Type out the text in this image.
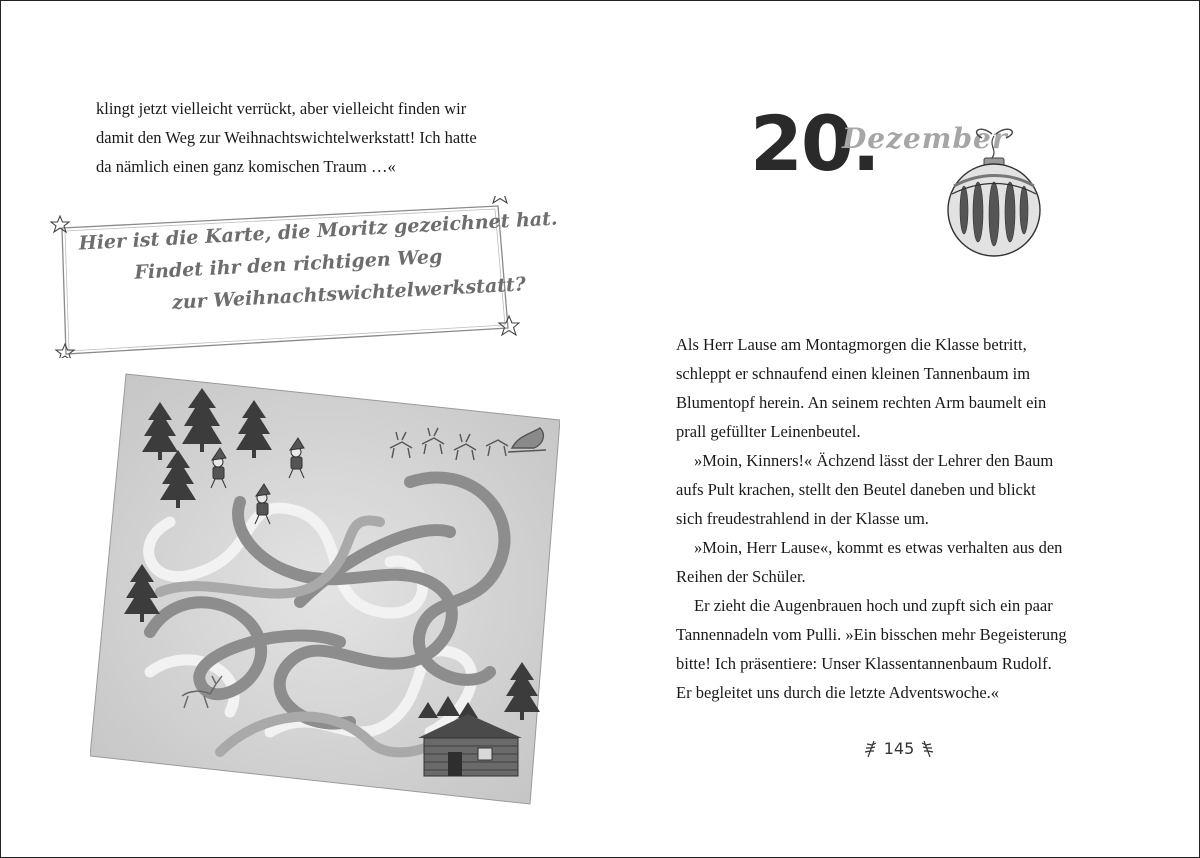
klingt jetzt vielleicht verrückt, aber vielleicht finden wir

damit den Weg zur Weihnachtswichtelwerkstatt! Ich hatte

da nämlich einen ganz komischen Traum …«

Hier ist die Karte, die Moritz gezeichnet hat.
Findet ihr den richtigen Weg
zur Weihnachtswichtelwerkstatt?
20.
Dezember

Als Herr Lause am Montagmorgen die Klasse betritt,

schleppt er schnaufend einen kleinen Tannenbaum im

Blumentopf herein. An seinem rechten Arm baumelt ein

prall gefüllter Leinenbeutel.

»Moin, Kinners!« Ächzend lässt der Lehrer den Baum

aufs Pult krachen, stellt den Beutel daneben und blickt

sich freudestrahlend in der Klasse um.

»Moin, Herr Lause«, kommt es etwas verhalten aus den

Reihen der Schüler.

Er zieht die Augenbrauen hoch und zupft sich ein paar

Tannennadeln vom Pulli. »Ein bisschen mehr Begeisterung

bitte! Ich präsentiere: Unser Klassentannenbaum Rudolf.

Er begleitet uns durch die letzte Adventswoche.«

145
